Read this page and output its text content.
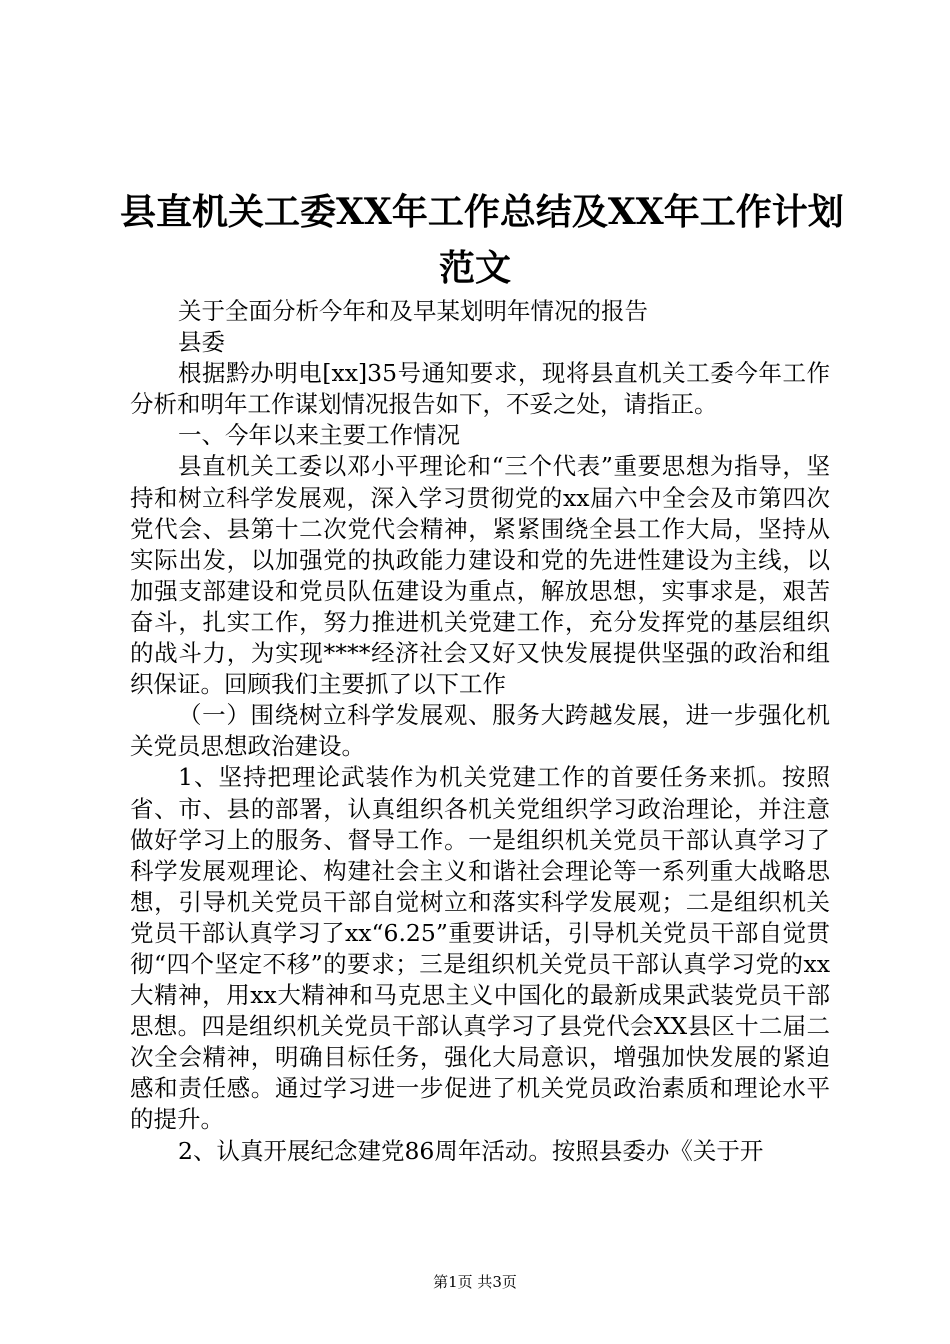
县直机关工委XX年工作总结及XX年工作计划
范文

关于全面分析今年和及早某划明年情况的报告

县委

根据黔办明电[xx]35号通知要求，现将县直机关工委今年工作分析和明年工作谋划情况报告如下，不妥之处，请指正。

一、今年以来主要工作情况

县直机关工委以邓小平理论和“三个代表”重要思想为指导，坚持和树立科学发展观，深入学习贯彻党的xx届六中全会及市第四次党代会、县第十二次党代会精神，紧紧围绕全县工作大局，坚持从实际出发，以加强党的执政能力建设和党的先进性建设为主线，以加强支部建设和党员队伍建设为重点，解放思想，实事求是，艰苦奋斗，扎实工作，努力推进机关党建工作，充分发挥党的基层组织的战斗力，为实现****经济社会又好又快发展提供坚强的政治和组织保证。回顾我们主要抓了以下工作

（一）围绕树立科学发展观、服务大跨越发展，进一步强化机关党员思想政治建设。

1、坚持把理论武装作为机关党建工作的首要任务来抓。按照省、市、县的部署，认真组织各机关党组织学习政治理论，并注意做好学习上的服务、督导工作。一是组织机关党员干部认真学习了科学发展观理论、构建社会主义和谐社会理论等一系列重大战略思想，引导机关党员干部自觉树立和落实科学发展观；二是组织机关党员干部认真学习了xx“6.25”重要讲话，引导机关党员干部自觉贯彻“四个坚定不移”的要求；三是组织机关党员干部认真学习党的xx大精神，用xx大精神和马克思主义中国化的最新成果武装党员干部思想。四是组织机关党员干部认真学习了县党代会XX县区十二届二次全会精神，明确目标任务，强化大局意识，增强加快发展的紧迫感和责任感。通过学习进一步促进了机关党员政治素质和理论水平的提升。

2、认真开展纪念建党86周年活动。按照县委办《关于开

第1页 共3页
